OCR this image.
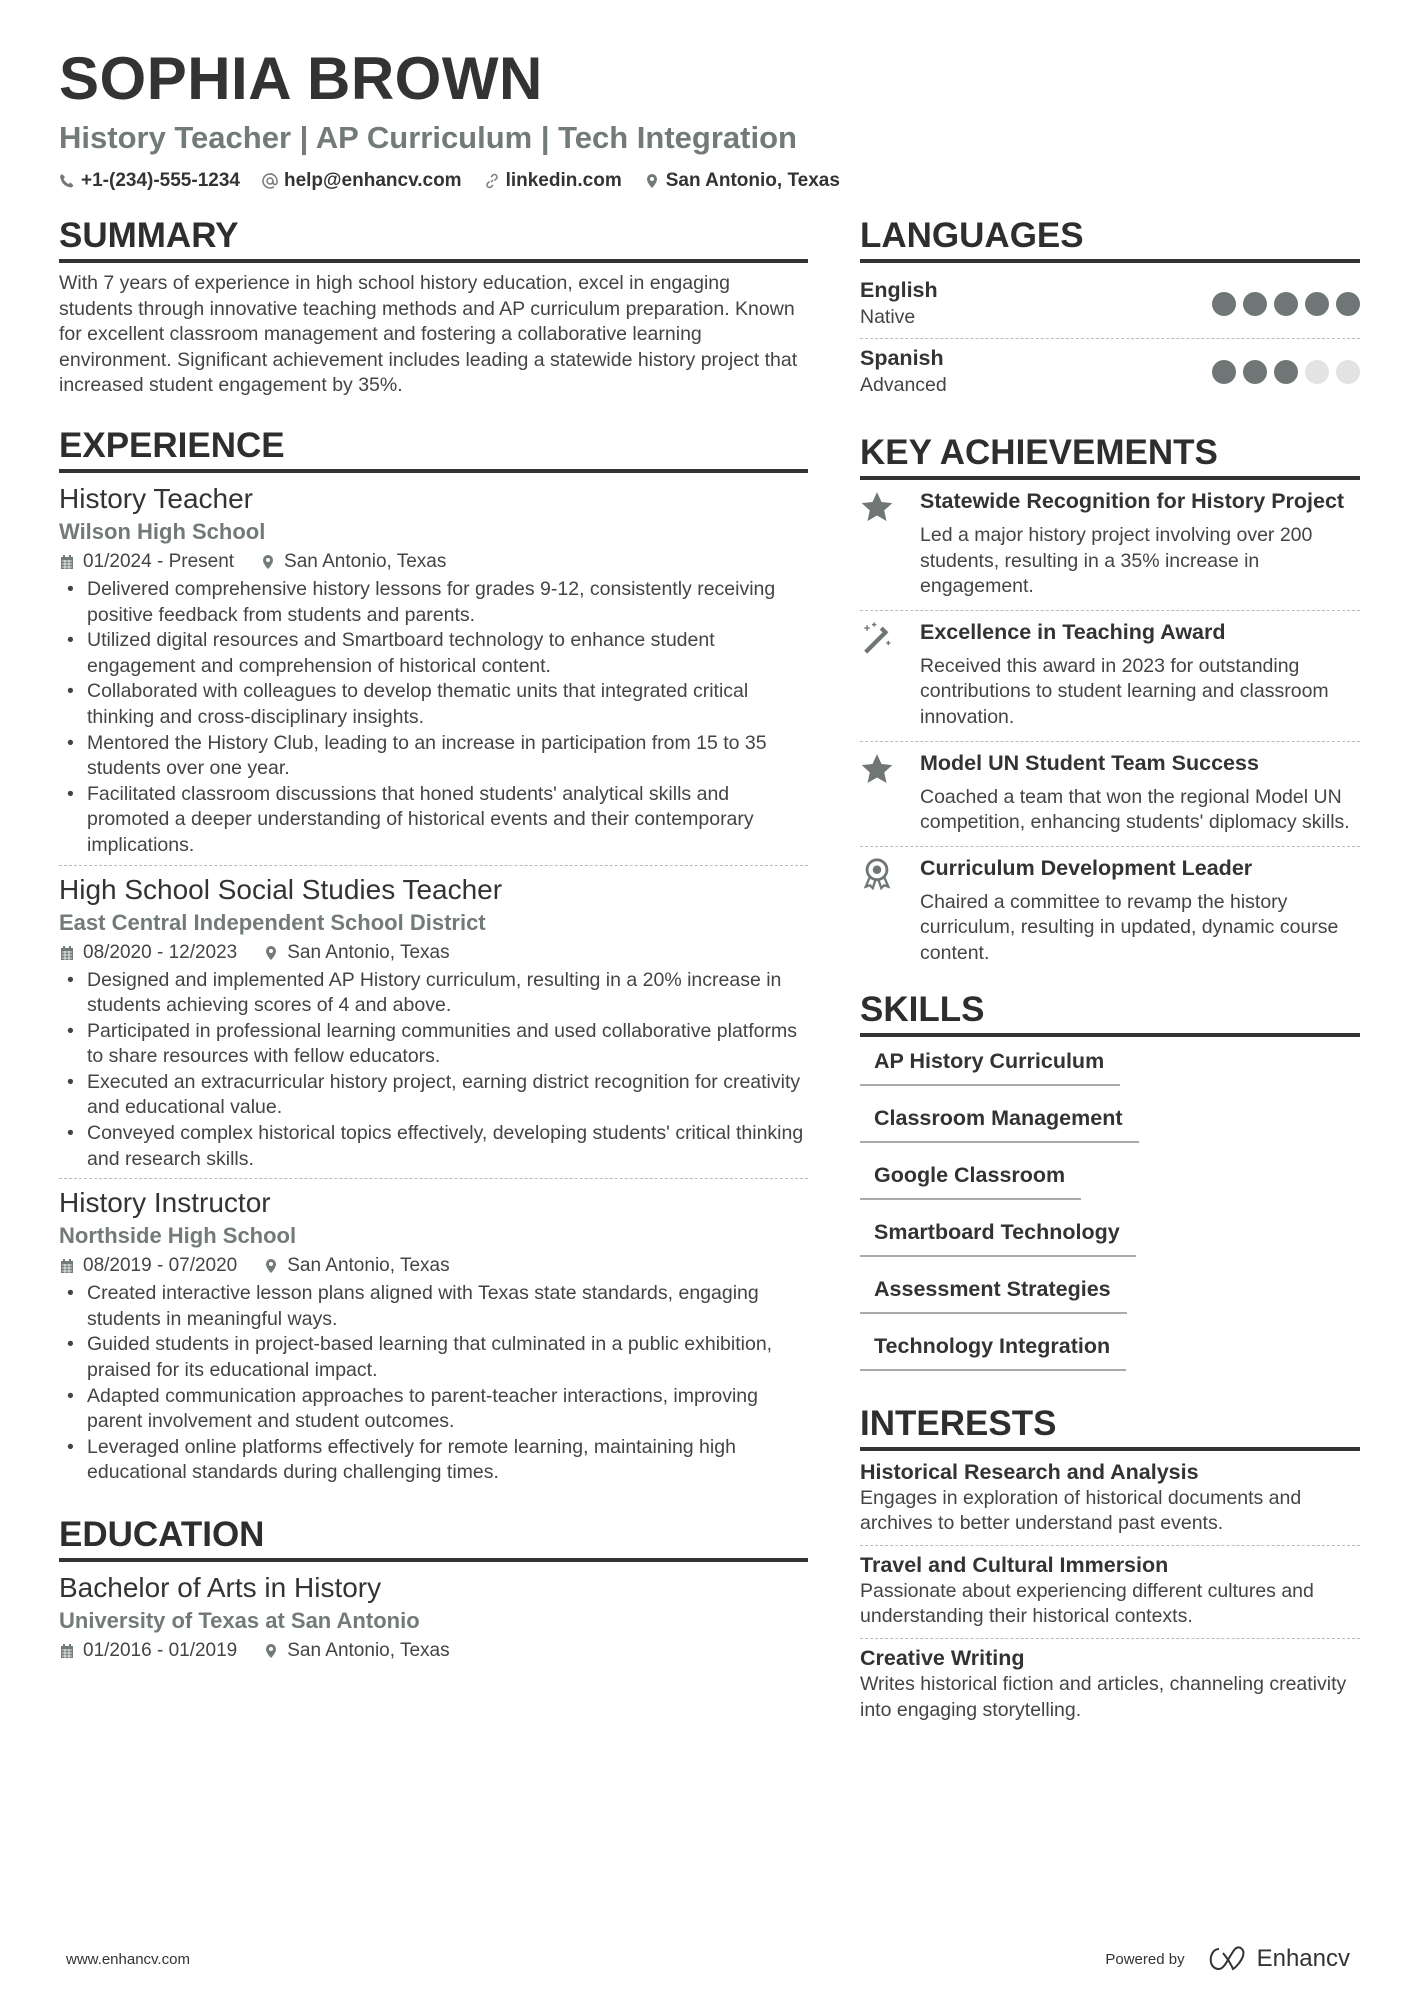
SOPHIA BROWN
History Teacher | AP Curriculum | Tech Integration
+1-(234)-555-1234 help@enhancv.com linkedin.com San Antonio, Texas
SUMMARY

With 7 years of experience in high school history education, excel in engaging students through innovative teaching methods and AP curriculum preparation. Known for excellent classroom management and fostering a collaborative learning environment. Significant achievement includes leading a statewide history project that increased student engagement by 35%.

EXPERIENCE
History Teacher
Wilson High School
01/2024 - Present	San Antonio, Texas
• Delivered comprehensive history lessons for grades 9-12, consistently receiving positive feedback from students and parents.
• Utilized digital resources and Smartboard technology to enhance student engagement and comprehension of historical content.
• Collaborated with colleagues to develop thematic units that integrated critical thinking and cross-disciplinary insights.
• Mentored the History Club, leading to an increase in participation from 15 to 35 students over one year.
• Facilitated classroom discussions that honed students' analytical skills and promoted a deeper understanding of historical events and their contemporary implications.
High School Social Studies Teacher
East Central Independent School District
08/2020 - 12/2023	San Antonio, Texas
• Designed and implemented AP History curriculum, resulting in a 20% increase in students achieving scores of 4 and above.
• Participated in professional learning communities and used collaborative platforms to share resources with fellow educators.
• Executed an extracurricular history project, earning district recognition for creativity and educational value.
• Conveyed complex historical topics effectively, developing students' critical thinking and research skills.
History Instructor
Northside High School
08/2019 - 07/2020	San Antonio, Texas
• Created interactive lesson plans aligned with Texas state standards, engaging students in meaningful ways.
• Guided students in project-based learning that culminated in a public exhibition, praised for its educational impact.
• Adapted communication approaches to parent-teacher interactions, improving parent involvement and student outcomes.
• Leveraged online platforms effectively for remote learning, maintaining high educational standards during challenging times.
EDUCATION
Bachelor of Arts in History
University of Texas at San Antonio
01/2016 - 01/2019	San Antonio, Texas
LANGUAGES
English
Native
Spanish
Advanced
KEY ACHIEVEMENTS
Statewide Recognition for History Project
Led a major history project involving over 200 students, resulting in a 35% increase in engagement.
Excellence in Teaching Award
Received this award in 2023 for outstanding contributions to student learning and classroom innovation.
Model UN Student Team Success
Coached a team that won the regional Model UN competition, enhancing students' diplomacy skills.
Curriculum Development Leader
Chaired a committee to revamp the history curriculum, resulting in updated, dynamic course content.
SKILLS
AP History Curriculum
Classroom Management
Google Classroom
Smartboard Technology
Assessment Strategies
Technology Integration
INTERESTS
Historical Research and Analysis
Engages in exploration of historical documents and archives to better understand past events.
Travel and Cultural Immersion
Passionate about experiencing different cultures and understanding their historical contexts.
Creative Writing
Writes historical fiction and articles, channeling creativity into engaging storytelling.
www.enhancv.com	Powered by	Enhancv
